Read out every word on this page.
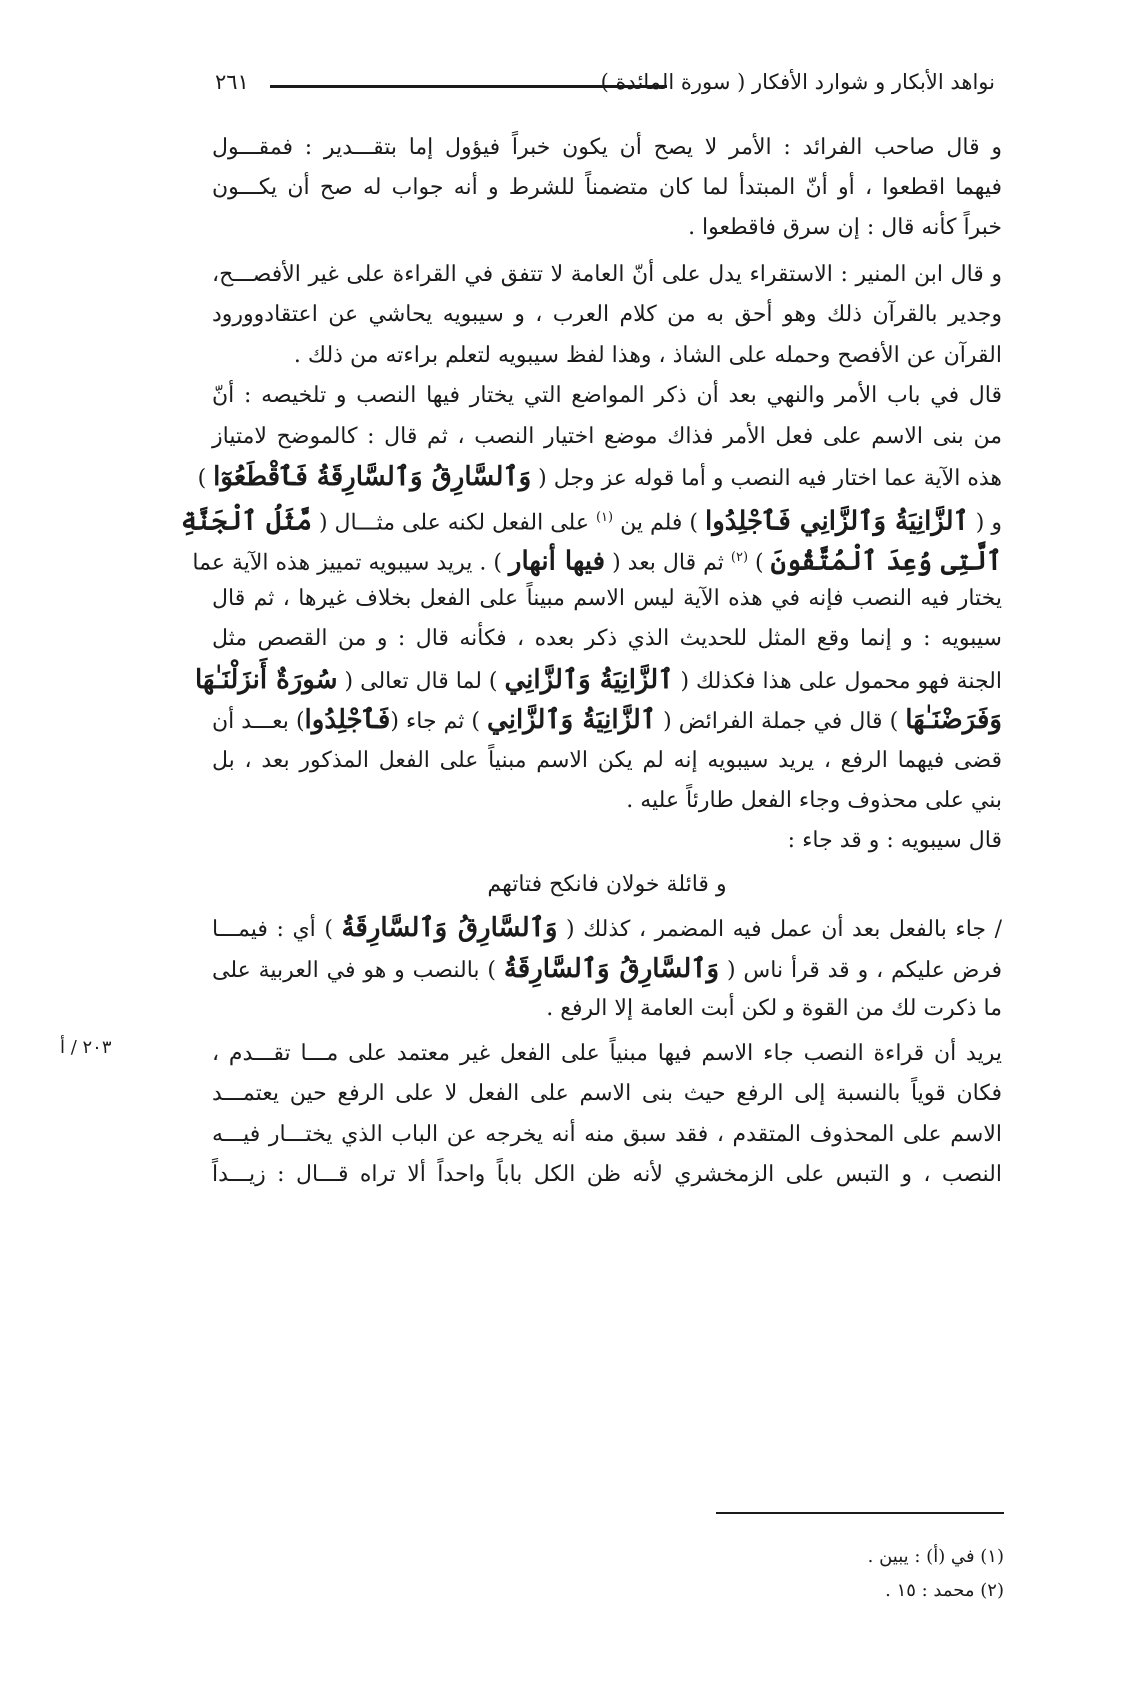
نواهد الأبكار و شوارد الأفكار ( سورة المائدة )
٢٦١
و قال صاحب الفرائد : الأمر لا يصح أن يكون خبراً فيؤول إما بتقـــدير : فمقـــول
فيهما اقطعوا ، أو أنّ المبتدأ لما كان متضمناً للشرط و أنه جواب له صح أن يكـــون
خبراً كأنه قال : إن سرق فاقطعوا .
و قال ابن المنير : الاستقراء يدل على أنّ العامة لا تتفق في القراءة على غير الأفصـــح،
وجدير بالقرآن ذلك وهو أحق به من كلام العرب ، و سيبويه يحاشي عن اعتقادوورود
القرآن عن الأفصح وحمله على الشاذ ، وهذا لفظ سيبويه لتعلم براءته من ذلك .
قال في باب الأمر والنهي بعد أن ذكر المواضع التي يختار فيها النصب و تلخيصه : أنّ
من بنى الاسم على فعل الأمر فذاك موضع اختيار النصب ، ثم قال : كالموضح لامتياز
هذه الآية عما اختار فيه النصب و أما قوله عز وجل ( وَٱلسَّارِقُ وَٱلسَّارِقَةُ فَٱقْطَعُوٓا )
و ( ٱلزَّانِيَةُ وَٱلزَّانِي فَٱجْلِدُوا ) فلم ين $^{(١)}$ على الفعل لكنه على مثـــال ( مَّثَلُ ٱلْجَنَّةِ
ٱلَّتِى وُعِدَ ٱلْمُتَّقُونَ ) $^{(٢)}$ ثم قال بعد ( فيها أنهار ) . يريد سيبويه تمييز هذه الآية عما
يختار فيه النصب فإنه في هذه الآية ليس الاسم مبيناً على الفعل بخلاف غيرها ، ثم قال
سيبويه : و إنما وقع المثل للحديث الذي ذكر بعده ، فكأنه قال : و من القصص مثل
الجنة فهو محمول على هذا فكذلك ( ٱلزَّانِيَةُ وَٱلزَّانِي ) لما قال تعالى ( سُورَةٌ أَنزَلْنَـٰهَا
وَفَرَضْنَـٰهَا ) قال في جملة الفرائض ( ٱلزَّانِيَةُ وَٱلزَّانِي ) ثم جاء (فَٱجْلِدُوا) بعـــد أن
قضى فيهما الرفع ، يريد سيبويه إنه لم يكن الاسم مبنياً على الفعل المذكور بعد ، بل
بني على محذوف وجاء الفعل طارئاً عليه .
قال سيبويه : و قد جاء :
و قائلة خولان فانكح فتاتهم
/ جاء بالفعل بعد أن عمل فيه المضمر ، كذلك ( وَٱلسَّارِقُ وَٱلسَّارِقَةُ ) أي : فيمـــا
فرض عليكم ، و قد قرأ ناس ( وَٱلسَّارِقُ وَٱلسَّارِقَةُ ) بالنصب و هو في العربية على
ما ذكرت لك من القوة و لكن أبت العامة إلا الرفع .
يريد أن قراءة النصب جاء الاسم فيها مبنياً على الفعل غير معتمد على مـــا تقـــدم ،
فكان قوياً بالنسبة إلى الرفع حيث بنى الاسم على الفعل لا على الرفع حين يعتمـــد
الاسم على المحذوف المتقدم ، فقد سبق منه أنه يخرجه عن الباب الذي يختـــار فيـــه
النصب ، و التبس على الزمخشري لأنه ظن الكل باباً واحداً ألا تراه قـــال : زيـــداً
٢٠٣ / أ
(١) في (أ) : يبين .
(٢) محمد : ١٥ .
